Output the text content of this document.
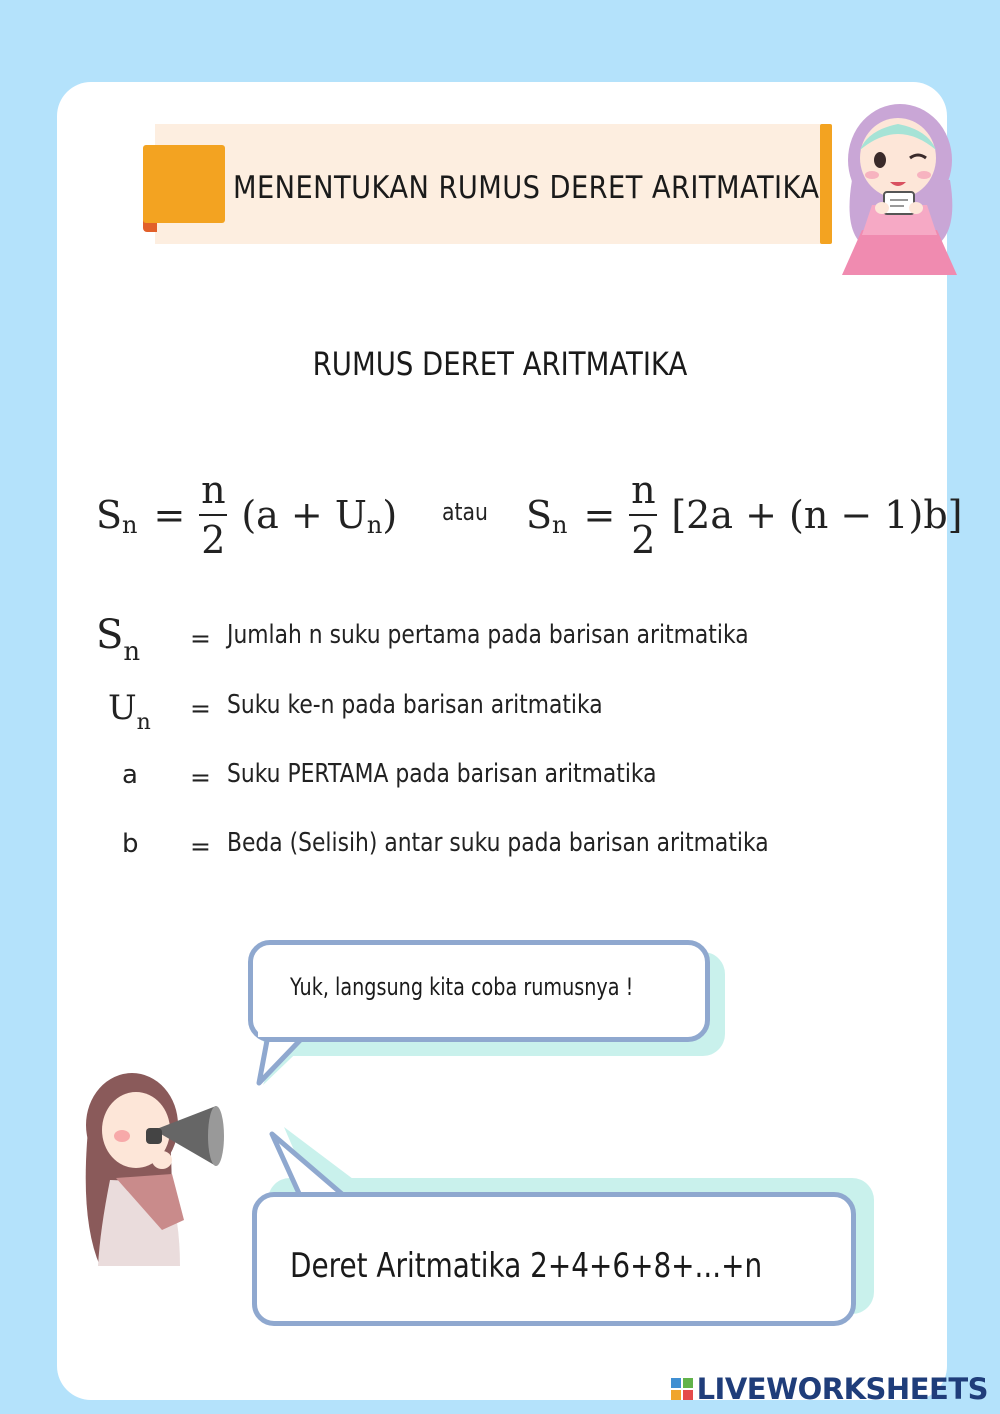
MENENTUKAN RUMUS DERET ARITMATIKA
RUMUS DERET ARITMATIKA
S $n = \frac{n}{2} (a + U$ n ) atau S $n = \frac{n}{2} [2a + (n - 1)b]$
$S_n$ = Jumlah n suku pertama pada barisan aritmatika
$U_n$ = Suku ke-n pada barisan aritmatika
a = Suku PERTAMA pada barisan aritmatika
b = Beda (Selisih) antar suku pada barisan aritmatika
Yuk, langsung kita coba rumusnya !
Deret Aritmatika 2+4+6+8+...+n
LIVEWORKSHEETS
